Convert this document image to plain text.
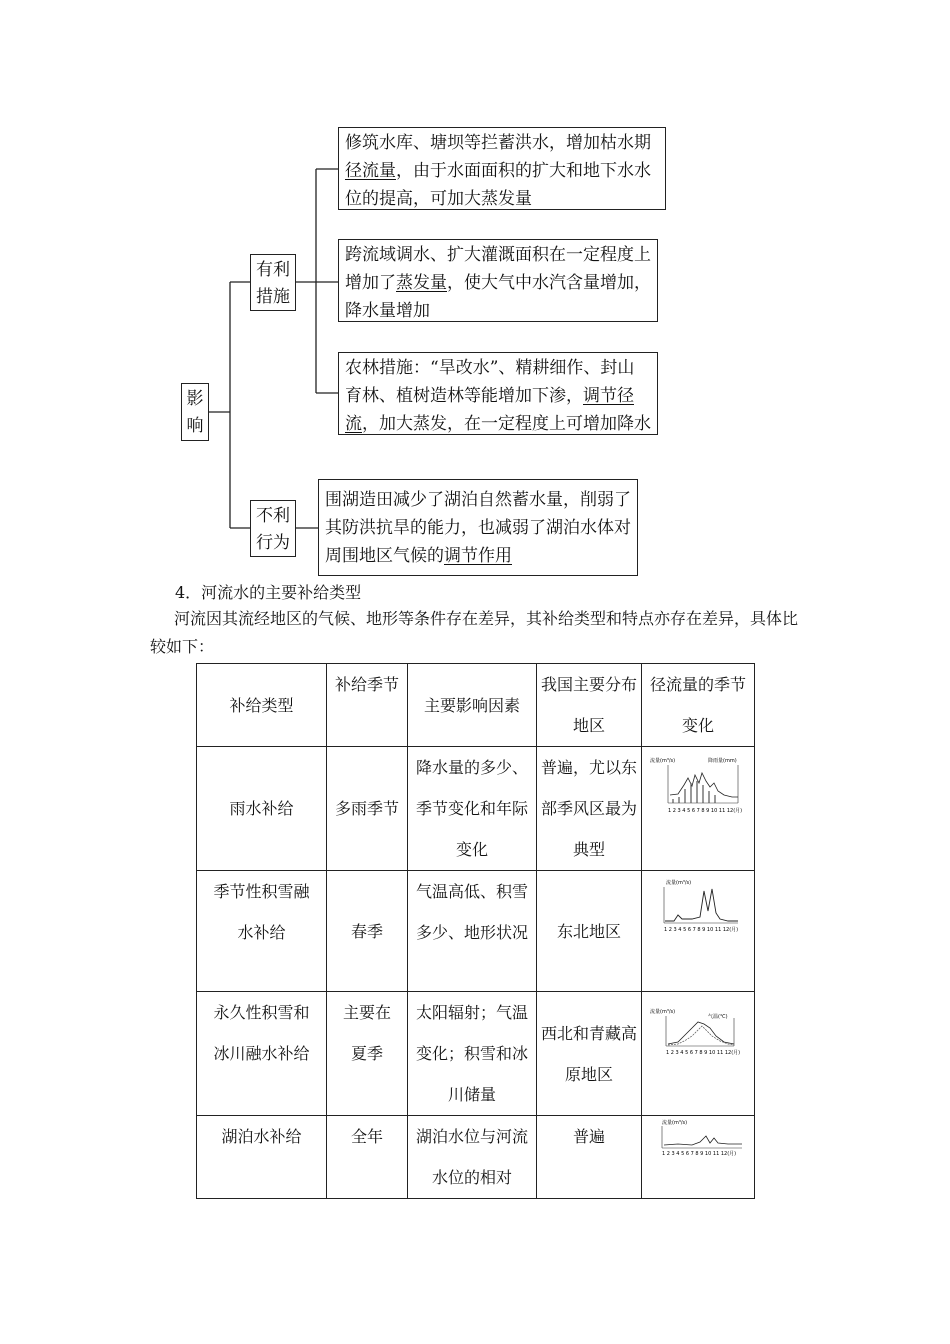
影响
有利措施
不利行为
修筑水库、塘坝等拦蓄洪水，增加枯水期径流量，由于水面面积的扩大和地下水水位的提高，可加大蒸发量
跨流域调水、扩大灌溉面积在一定程度上增加了蒸发量，使大气中水汽含量增加，降水量增加
农林措施：“旱改水”、精耕细作、封山育林、植树造林等能增加下渗，调节径流，加大蒸发，在一定程度上可增加降水
围湖造田减少了湖泊自然蓄水量，削弱了其防洪抗旱的能力，也减弱了湖泊水体对周围地区气候的调节作用
4．河流水的主要补给类型
河流因其流经地区的气候、地形等条件存在差异，其补给类型和特点亦存在差异，具体比较如下：
补给类型	补给季节	主要影响因素	我国主要分布地区	径流量的季节变化
雨水补给	多雨季节	降水量的多少、季节变化和年际变化	普遍，尤以东部季风区最为典型	流量(m³/s) 降雨量(mm)
1 2 3 4 5 6 7 8 9 10 11 12(月)

季节性积雪融水补给	春季	气温高低、积雪多少、地形状况	东北地区	流量(m³/s)
1 2 3 4 5 6 7 8 9 10 11 12(月)

永久性积雪和冰川融水补给	主要在夏季	太阳辐射；气温变化；积雪和冰川储量	西北和青藏高原地区	流量(m³/s)
气温(℃)
1 2 3 4 5 6 7 8 9 10 11 12(月)

湖泊水补给	全年	湖泊水位与河流水位的相对	普遍	流量(m³/s)
1 2 3 4 5 6 7 8 9 10 11 12(月)
